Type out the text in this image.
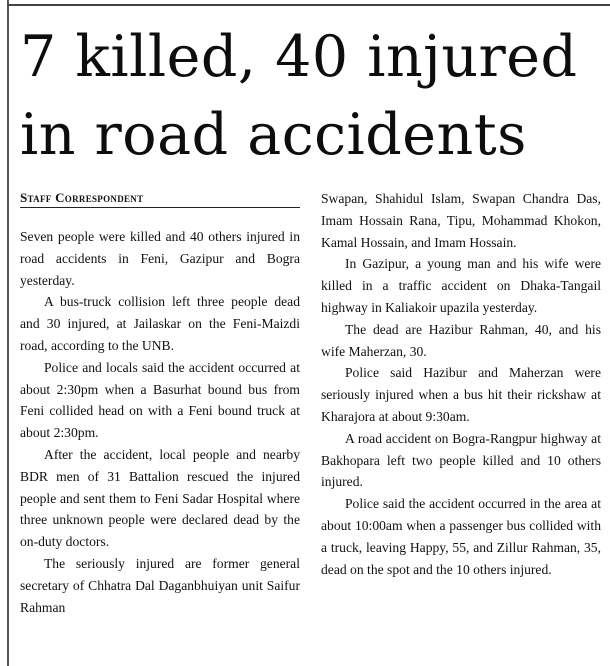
7 killed, 40 injured
in road accidents
Staff Correspondent

Seven people were killed and 40 others injured in road accidents in Feni, Gazipur and Bogra yesterday.

A bus-truck collision left three people dead and 30 injured, at Jailaskar on the Feni-Maizdi road, according to the UNB.

Police and locals said the accident occurred at about 2:30pm when a Basurhat bound bus from Feni collided head on with a Feni bound truck at about 2:30pm.

After the accident, local people and nearby BDR men of 31 Battalion rescued the injured people and sent them to Feni Sadar Hospital where three unknown people were declared dead by the on-duty doctors.

The seriously injured are former general secretary of Chhatra Dal Daganbhuiyan unit Saifur Rahman

Swapan, Shahidul Islam, Swapan Chandra Das, Imam Hossain Rana, Tipu, Mohammad Khokon, Kamal Hossain, and Imam Hossain.

In Gazipur, a young man and his wife were killed in a traffic accident on Dhaka-Tangail highway in Kaliakoir upazila yesterday.

The dead are Hazibur Rahman, 40, and his wife Maherzan, 30.

Police said Hazibur and Maherzan were seriously injured when a bus hit their rickshaw at Kharajora at about 9:30am.

A road accident on Bogra-Rangpur highway at Bakhopara left two people killed and 10 others injured.

Police said the accident occurred in the area at about 10:00am when a passenger bus collided with a truck, leaving Happy, 55, and Zillur Rahman, 35, dead on the spot and the 10 others injured.
